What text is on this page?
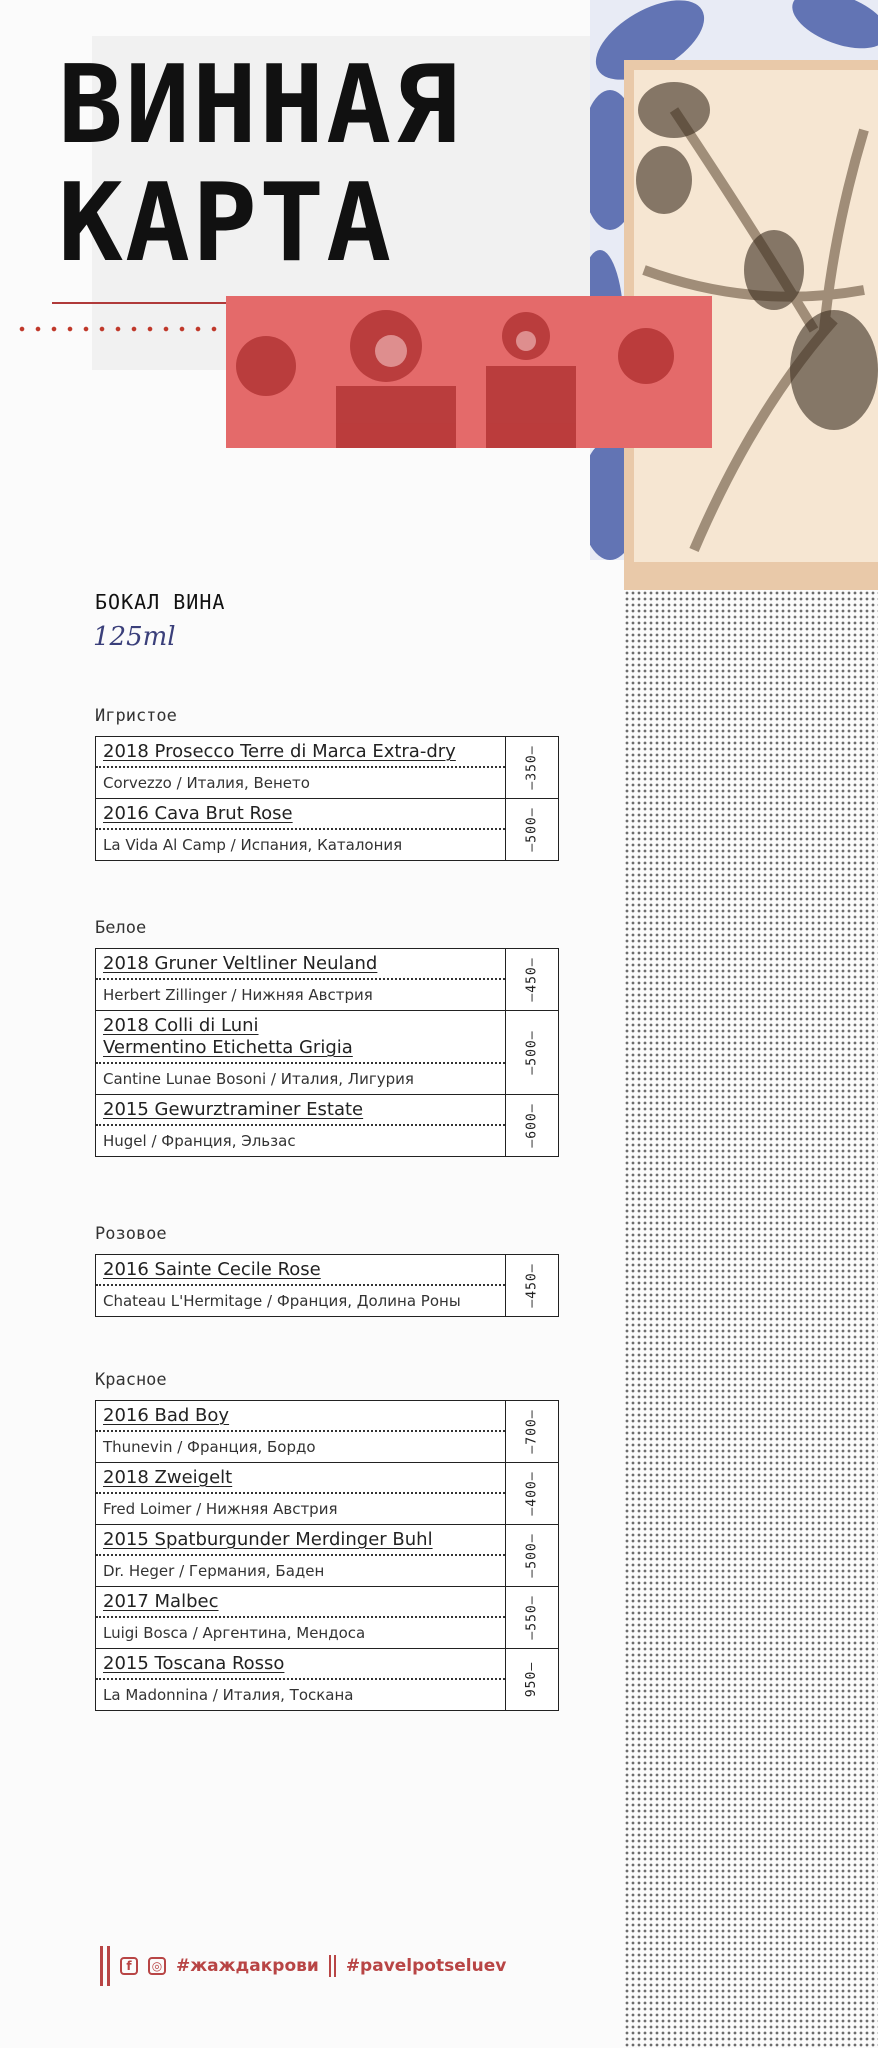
ВИННАЯ
КАРТА
БОКАЛ ВИНА
125ml
Игристое
2018 Prosecco Terre di Marca Extra-dry
Corvezzo / Италия, Венето	–350–
2016 Cava Brut Rose
La Vida Al Camp / Испания, Каталония	–500–
Белое
2018 Gruner Veltliner Neuland
Herbert Zillinger / Нижняя Австрия	–450–
2018 Colli di Luni
Vermentino Etichetta Grigia
Cantine Lunae Bosoni / Италия, Лигурия
–500–
2015 Gewurztraminer Estate
Hugel / Франция, Эльзас	–600–
Розовое
2016 Sainte Cecile Rose
Chateau L'Hermitage / Франция, Долина Роны	–450–
Красное
2016 Bad Boy
Thunevin / Франция, Бордо	–700–
2018 Zweigelt
Fred Loimer / Нижняя Австрия	–400–
2015 Spatburgunder Merdinger Buhl
Dr. Heger / Германия, Баден	–500–
2017 Malbec
Luigi Bosca / Аргентина, Мендоса	–550–
2015 Toscana Rosso
La Madonnina / Италия, Тоскана	950–
f	◎ #жаждакрови #pavelpotseluev
